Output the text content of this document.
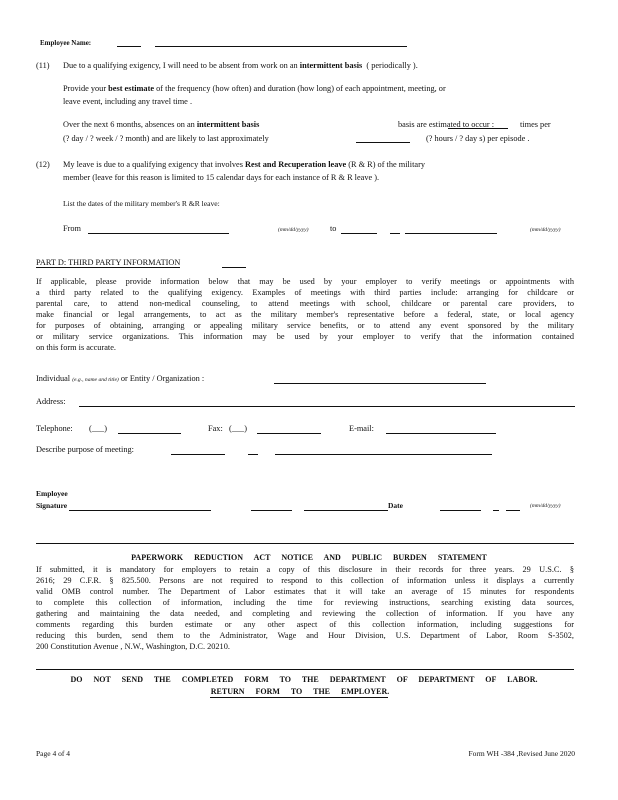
Employee Name:
(11) Due to a qualifying exigency, I will need to be absent from work on an intermittent basis ( periodically ).
Provide your best estimate of the frequency (how often) and duration (how long) of each appointment, meeting, or
leave event, including any travel time .
Over the next 6 months, absences on an intermittent basis	basis are estimated to occur :	times per
(? day / ? week / ? month) and are likely to last approximately	(? hours / ? day s) per episode .
(12) My leave is due to a qualifying exigency that involves Rest and Recuperation leave (R & R) of the military
member (leave for this reason is limited to 15 calendar days for each instance of R & R leave ).
List the dates of the military member's R &R leave:
From	(mm/dd/yyyy)	to	(mm/dd/yyyy)
PART D: THIRD PARTY INFORMATION
If applicable, please provide information below that may be used by your employer to verify meetings or appointments with
a third party related to the qualifying exigency. Examples of meetings with third parties include: arranging for childcare or
parental care, to attend non-medical counseling, to attend meetings with school, childcare or parental care providers, to
make financial or legal arrangements, to act as the military member's representative before a federal, state, or local agency
for purposes of obtaining, arranging or appealing military service benefits, or to attend any event sponsored by the military
or military service organizations. This information may be used by your employer to verify that the information contained
on this form is accurate.
Individual (e.g., name and title) or Entity / Organization :
Address:
Telephone: (___)	Fax: (___)	E-mail:
Describe purpose of meeting:
Employee
Signature	Date	(mm/dd/yyyy)
PAPERWORK REDUCTION ACT NOTICE AND PUBLIC BURDEN STATEMENT
If submitted, it is mandatory for employers to retain a copy of this disclosure in their records for three years. 29 U.S.C. §
2616; 29 C.F.R. § 825.500. Persons are not required to respond to this collection of information unless it displays a currently
valid OMB control number. The Department of Labor estimates that it will take an average of 15 minutes for respondents
to complete this collection of information, including the time for reviewing instructions, searching existing data sources,
gathering and maintaining the data needed, and completing and reviewing the collection of information. If you have any
comments regarding this burden estimate or any other aspect of this collection information, including suggestions for
reducing this burden, send them to the Administrator, Wage and Hour Division, U.S. Department of Labor, Room S-3502,
200 Constitution Avenue , N.W., Washington, D.C. 20210.
DO NOT SEND THE COMPLETED FORM TO THE DEPARTMENT OF DEPARTMENT OF LABOR.
RETURN FORM TO THE EMPLOYER.
Page 4 of 4	Form WH -384 ,Revised June 2020
